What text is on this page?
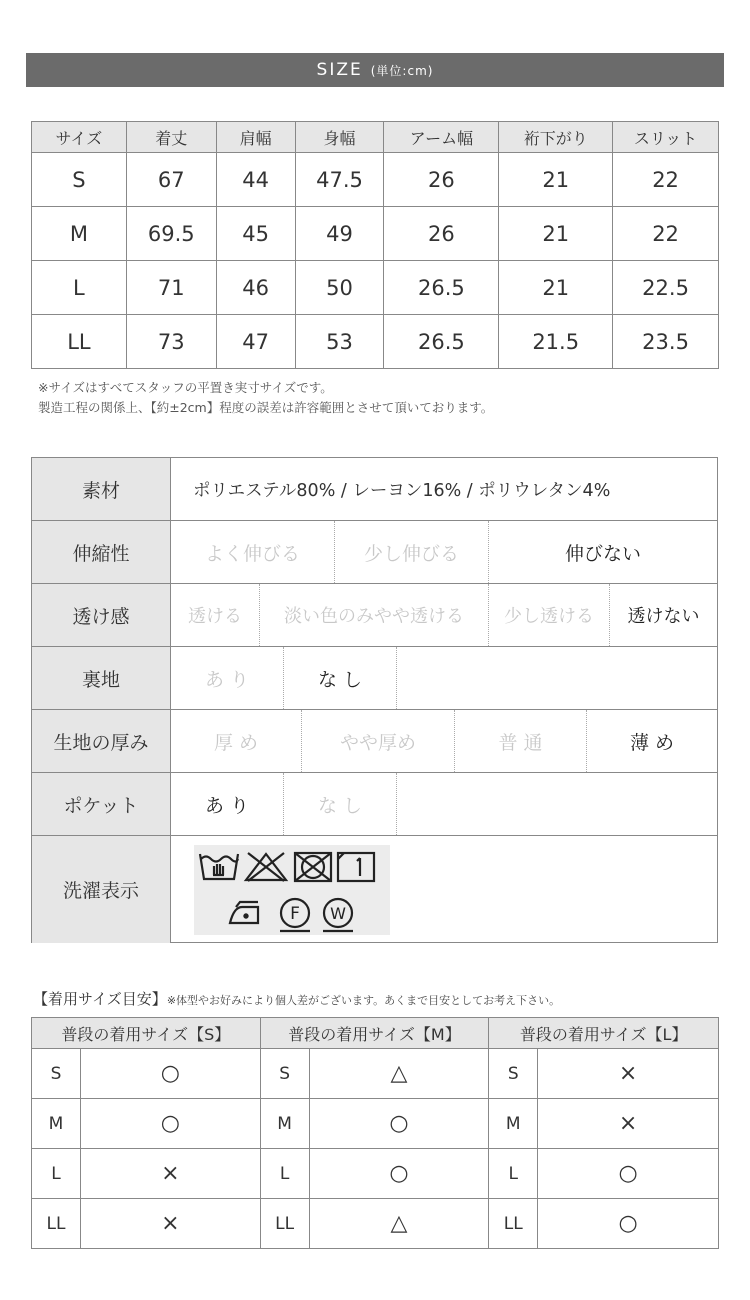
SIZE (単位:cm)
サイズ	着丈	肩幅	身幅	アーム幅	裄下がり	スリット
S	67	44	47.5	26	21	22
M	69.5	45	49	26	21	22
L	71	46	50	26.5	21	22.5
LL	73	47	53	26.5	21.5	23.5
※サイズはすべてスタッフの平置き実寸サイズです。
製造工程の関係上、【約±2cm】程度の誤差は許容範囲とさせて頂いております。
素材	ポリエステル80% / レーヨン16% / ポリウレタン4%
伸縮性	よく伸びる	少し伸びる	伸びない
透け感	透ける	淡い色のみやや透ける	少し透ける	透けない
裏地	あ り	な し
生地の厚み	厚 め	やや厚め	普 通	薄 め
ポケット	あ り	な し
洗濯表示
F W
【着用サイズ目安】※体型やお好みにより個人差がございます。あくまで目安としてお考え下さい。
普段の着用サイズ【S】		普段の着用サイズ【M】		普段の着用サイズ【L】	
S	○	S	△	S	×
M	○	M	○	M	×
L	×	L	○	L	○
LL	×	LL	△	LL	○
